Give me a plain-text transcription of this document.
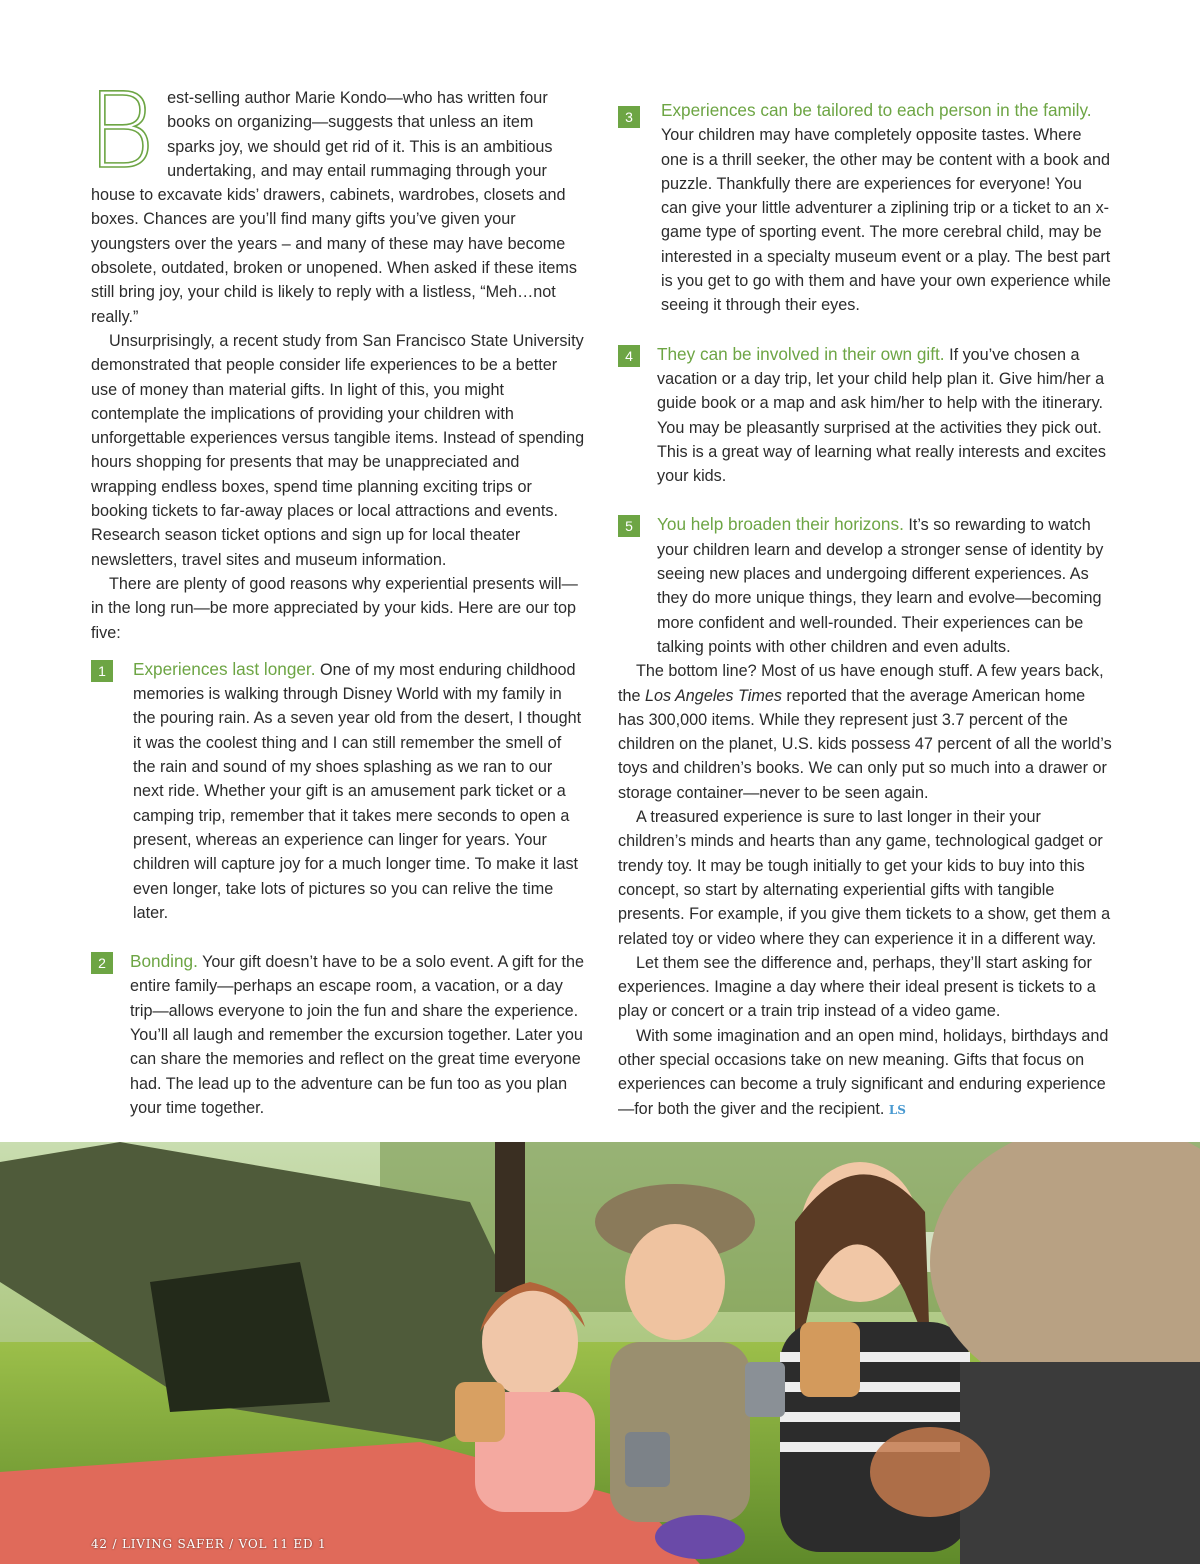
B est-selling author Marie Kondo—who has written four books on organizing—suggests that unless an item sparks joy, we should get rid of it. This is an ambitious undertaking, and may entail rummaging through your house to excavate kids’ drawers, cabinets, wardrobes, closets and boxes. Chances are you’ll find many gifts you’ve given your youngsters over the years – and many of these may have become obsolete, outdated, broken or unopened. When asked if these items still bring joy, your child is likely to reply with a listless, “Meh…not really.”

Unsurprisingly, a recent study from San Francisco State University demonstrated that people consider life experiences to be a better use of money than material gifts. In light of this, you might contemplate the implications of providing your children with unforgettable experiences versus tangible items. Instead of spending hours shopping for presents that may be unappreciated and wrapping endless boxes, spend time planning exciting trips or booking tickets to far-away places or local attractions and events. Research season ticket options and sign up for local theater newsletters, travel sites and museum information.

There are plenty of good reasons why experiential presents will—in the long run—be more appreciated by your kids. Here are our top five:

1	Experiences last longer. One of my most enduring childhood memories is walking through Disney World with my family in the pouring rain. As a seven year old from the desert, I thought it was the coolest thing and I can still remember the smell of the rain and sound of my shoes splashing as we ran to our next ride. Whether your gift is an amusement park ticket or a camping trip, remember that it takes mere seconds to open a present, whereas an experience can linger for years. Your children will capture joy for a much longer time. To make it last even longer, take lots of pictures so you can relive the time later.

2	Bonding. Your gift doesn’t have to be a solo event. A gift for the entire family—perhaps an escape room, a vacation, or a day trip—allows everyone to join the fun and share the experience. You’ll all laugh and remember the excursion together. Later you can share the memories and reflect on the great time everyone had. The lead up to the adventure can be fun too as you plan your time together.

3	Experiences can be tailored to each person in the family. Your children may have completely opposite tastes. Where one is a thrill seeker, the other may be content with a book and puzzle. Thankfully there are experiences for everyone! You can give your little adventurer a ziplining trip or a ticket to an x-game type of sporting event. The more cerebral child, may be interested in a specialty museum event or a play. The best part is you get to go with them and have your own experience while seeing it through their eyes.

4	They can be involved in their own gift. If you’ve chosen a vacation or a day trip, let your child help plan it. Give him/her a guide book or a map and ask him/her to help with the itinerary. You may be pleasantly surprised at the activities they pick out. This is a great way of learning what really interests and excites your kids.

5	You help broaden their horizons. It’s so rewarding to watch your children learn and develop a stronger sense of identity by seeing new places and undergoing different experiences. As they do more unique things, they learn and evolve—becoming more confident and well-rounded. Their experiences can be talking points with other children and even adults.

The bottom line? Most of us have enough stuff. A few years back, the Los Angeles Times reported that the average American home has 300,000 items. While they represent just 3.7 percent of the children on the planet, U.S. kids possess 47 percent of all the world’s toys and children’s books. We can only put so much into a drawer or storage container—never to be seen again.

A treasured experience is sure to last longer in their your children’s minds and hearts than any game, technological gadget or trendy toy. It may be tough initially to get your kids to buy into this concept, so start by alternating experiential gifts with tangible presents. For example, if you give them tickets to a show, get them a related toy or video where they can experience it in a different way.

Let them see the difference and, perhaps, they’ll start asking for experiences. Imagine a day where their ideal present is tickets to a play or concert or a train trip instead of a video game.

With some imagination and an open mind, holidays, birthdays and other special occasions take on new meaning. Gifts that focus on experiences can become a truly significant and enduring experience—for both the giver and the recipient. LS

42 / LIVING SAFER / VOL 11 ED 1
